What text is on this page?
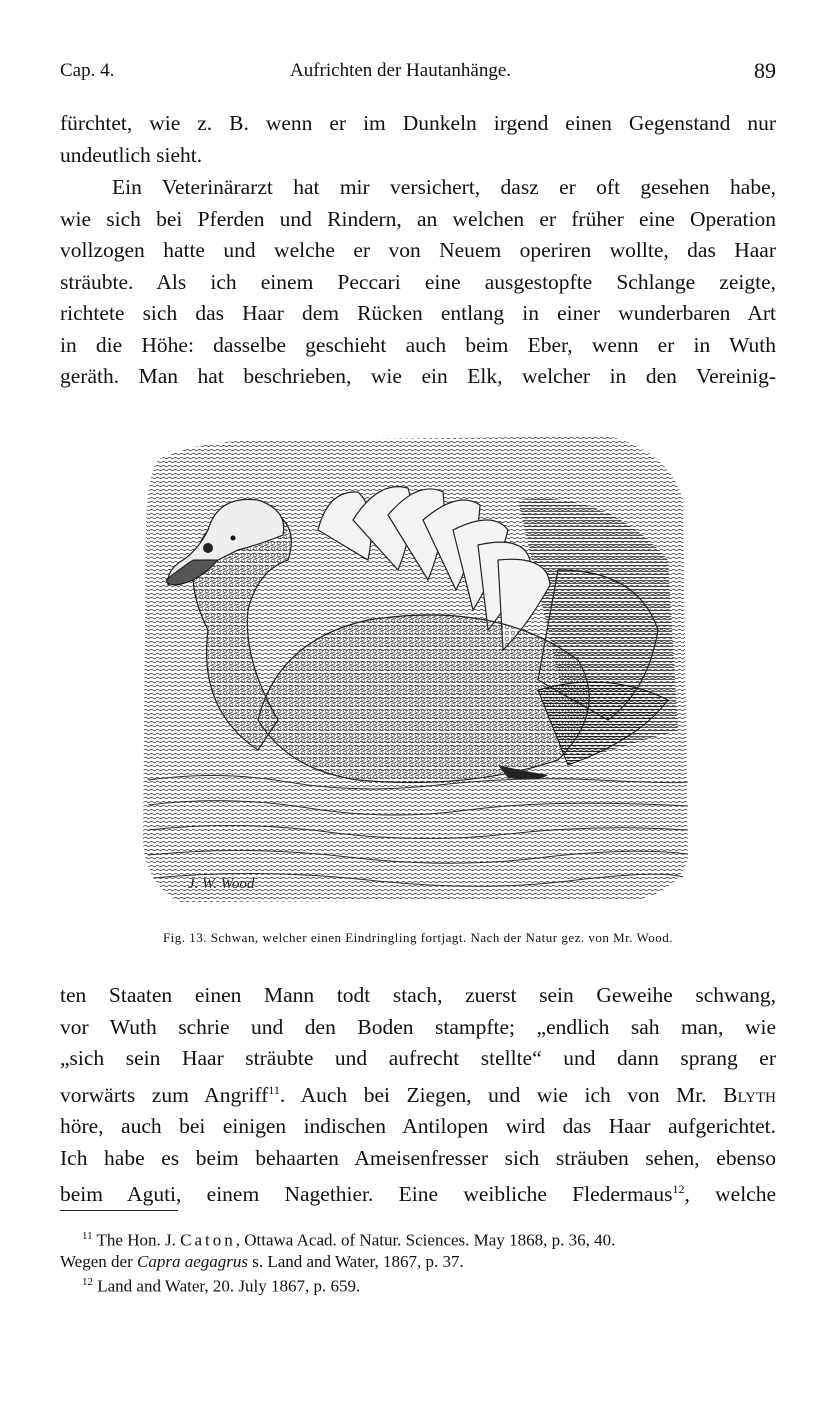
Cap. 4.	Aufrichten der Hautanhänge.	89
fürchtet, wie z. B. wenn er im Dunkeln irgend einen Gegenstand nur
undeutlich sieht.
Ein Veterinärarzt hat mir versichert, dasz er oft gesehen habe,
wie sich bei Pferden und Rindern, an welchen er früher eine Operation
vollzogen hatte und welche er von Neuem operiren wollte, das Haar
sträubte. Als ich einem Peccari eine ausgestopfte Schlange zeigte,
richtete sich das Haar dem Rücken entlang in einer wunderbaren Art
in die Höhe: dasselbe geschieht auch beim Eber, wenn er in Wuth
geräth. Man hat beschrieben, wie ein Elk, welcher in den Vereinig-
J. W. Wood
Fig. 13. Schwan, welcher einen Eindringling fortjagt. Nach der Natur gez. von Mr. Wood.
ten Staaten einen Mann todt stach, zuerst sein Geweihe schwang,
vor Wuth schrie und den Boden stampfte; „endlich sah man, wie
„sich sein Haar sträubte und aufrecht stellte“ und dann sprang er
vorwärts zum Angriff$^{11}$. Auch bei Ziegen, und wie ich von Mr. Blyth
höre, auch bei einigen indischen Antilopen wird das Haar aufgerichtet.
Ich habe es beim behaarten Ameisenfresser sich sträuben sehen, ebenso
beim Aguti, einem Nagethier. Eine weibliche Fledermaus$^{12}$, welche
$^{11}$ The Hon. J. Caton, Ottawa Acad. of Natur. Sciences. May 1868, p. 36, 40.
Wegen der Capra aegagrus s. Land and Water, 1867, p. 37.
$^{12}$ Land and Water, 20. July 1867, p. 659.
